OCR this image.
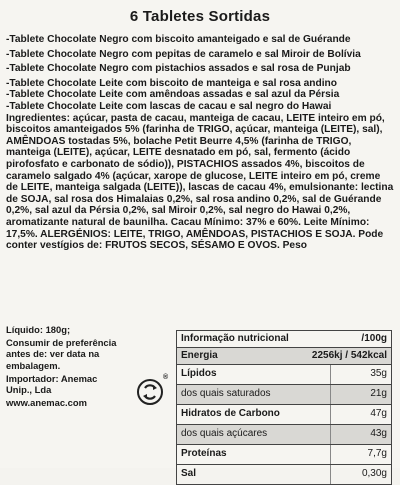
6 Tabletes Sortidas

-Tablete Chocolate Negro com biscoito amanteigado e sal de Guérande

-Tablete Chocolate Negro com pepitas de caramelo e sal Miroir de Bolívia

-Tablete Chocolate Negro com pistachios assados e sal rosa de Punjab

-Tablete Chocolate Leite com biscoito de manteiga e sal rosa andino

-Tablete Chocolate Leite com amêndoas assadas e sal azul da Pérsia

-Tablete Chocolate Leite com lascas de cacau e sal negro do Hawai

Ingredientes: açúcar, pasta de cacau, manteiga de cacau, LEITE inteiro em pó, biscoitos amanteigados 5% (farinha de TRIGO, açúcar, manteiga (LEITE), sal), AMÊNDOAS tostadas 5%, bolache Petit Beurre 4,5% (farinha de TRIGO, manteiga (LEITE), açúcar, LEITE desnatado em pó, sal, fermento (ácido pirofosfato e carbonato de sódio)), PISTACHIOS assados 4%, biscoitos de caramelo salgado 4% (açúcar, xarope de glucose, LEITE inteiro em pó, creme de LEITE, manteiga salgada (LEITE)), lascas de cacau 4%, emulsionante: lectina de SOJA, sal rosa dos Himalaias 0,2%, sal rosa andino 0,2%, sal de Guérande 0,2%, sal azul da Pérsia 0,2%, sal Miroir 0,2%, sal negro do Hawai 0,2%, aromatizante natural de baunilha. Cacau Mínimo: 37% e 60%. Leite Mínimo: 17,5%. ALERGÉNIOS: LEITE, TRIGO, AMÊNDOAS, PISTACHIOS E SOJA. Pode conter vestígios de: FRUTOS SECOS, SÉSAMO E OVOS. Peso

Líquido: 180g;

Consumir de preferência antes de: ver data na embalagem.

Importador: Anemac Unip., Lda

www.anemac.com

®
Informação nutricional	/100g
Energia	2256kj / 542kcal
Lípidos	35g
dos quais saturados	21g
Hidratos de Carbono	47g
dos quais açúcares	43g
Proteínas	7,7g
Sal	0,30g
